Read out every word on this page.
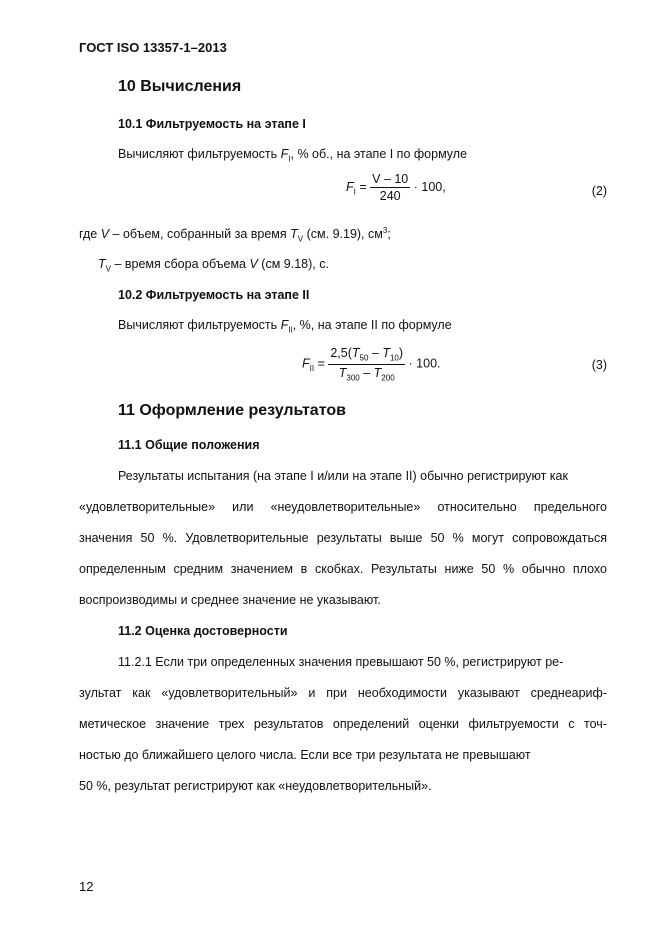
ГОСТ ISO 13357-1–2013
10 Вычисления
10.1 Фильтруемость на этапе I
Вычисляют фильтруемость $F_I$, % об., на этапе I по формуле
$F_I = \frac{V - 10}{240} \cdot 100$,	(2)
где V – объем, собранный за время $T_V$ (см. 9.19), $см^3$;
$T_V$ – время сбора объема V (см 9.18), с.
10.2 Фильтруемость на этапе II
Вычисляют фильтруемость $F_{II}$, %, на этапе II по формуле
$F_{II} = \frac{2,5(T_{50} - T_{10})}{T_{300} - T_{200}} \cdot 100$.	(3)
11 Оформление результатов
11.1 Общие положения
Результаты испытания (на этапе I и/или на этапе II) обычно регистрируют как
«удовлетворительные» или «неудовлетворительные» относительно предельного
значения 50 %. Удовлетворительные результаты выше 50 % могут сопровождаться
определенным средним значением в скобках. Результаты ниже 50 % обычно плохо
воспроизводимы и среднее значение не указывают.
11.2 Оценка достоверности
11.2.1 Если три определенных значения превышают 50 %, регистрируют ре-
зультат как «удовлетворительный» и при необходимости указывают среднеариф-
метическое значение трех результатов определений оценки фильтруемости с точ-
ностью до ближайшего целого числа. Если все три результата не превышают
50 %, результат регистрируют как «неудовлетворительный».
12
